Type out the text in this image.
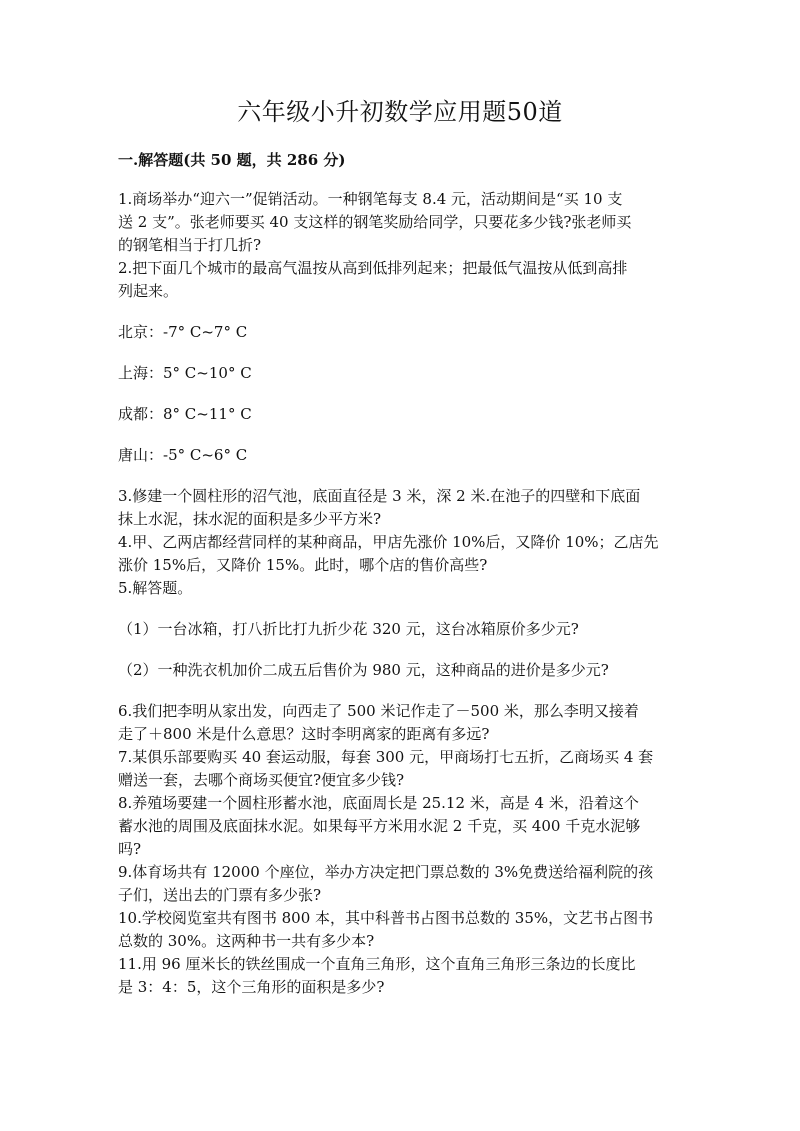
六年级小升初数学应用题50道
一.解答题(共 50 题，共 286 分)
1.商场举办“迎六一”促销活动。一种钢笔每支 8.4 元，活动期间是“买 10 支
送 2 支”。张老师要买 40 支这样的钢笔奖励给同学，只要花多少钱?张老师买
的钢笔相当于打几折?
2.把下面几个城市的最高气温按从高到低排列起来；把最低气温按从低到高排
列起来。
北京：-7° C~7° C
上海：5° C~10° C
成都：8° C~11° C
唐山：-5° C~6° C
3.修建一个圆柱形的沼气池，底面直径是 3 米，深 2 米.在池子的四壁和下底面
抹上水泥，抹水泥的面积是多少平方米?
4.甲、乙两店都经营同样的某种商品，甲店先涨价 10%后，又降价 10%；乙店先
涨价 15%后，又降价 15%。此时，哪个店的售价高些?
5.解答题。
（1）一台冰箱，打八折比打九折少花 320 元，这台冰箱原价多少元?
（2）一种洗衣机加价二成五后售价为 980 元，这种商品的进价是多少元?
6.我们把李明从家出发，向西走了 500 米记作走了－500 米，那么李明又接着
走了＋800 米是什么意思？这时李明离家的距离有多远?
7.某俱乐部要购买 40 套运动服，每套 300 元，甲商场打七五折，乙商场买 4 套
赠送一套，去哪个商场买便宜?便宜多少钱?
8.养殖场要建一个圆柱形蓄水池，底面周长是 25.12 米，高是 4 米，沿着这个
蓄水池的周围及底面抹水泥。如果每平方米用水泥 2 千克，买 400 千克水泥够
吗?
9.体育场共有 12000 个座位，举办方决定把门票总数的 3%免费送给福利院的孩
子们，送出去的门票有多少张?
10.学校阅览室共有图书 800 本，其中科普书占图书总数的 35%，文艺书占图书
总数的 30%。这两种书一共有多少本?
11.用 96 厘米长的铁丝围成一个直角三角形，这个直角三角形三条边的长度比
是 3：4：5，这个三角形的面积是多少?
